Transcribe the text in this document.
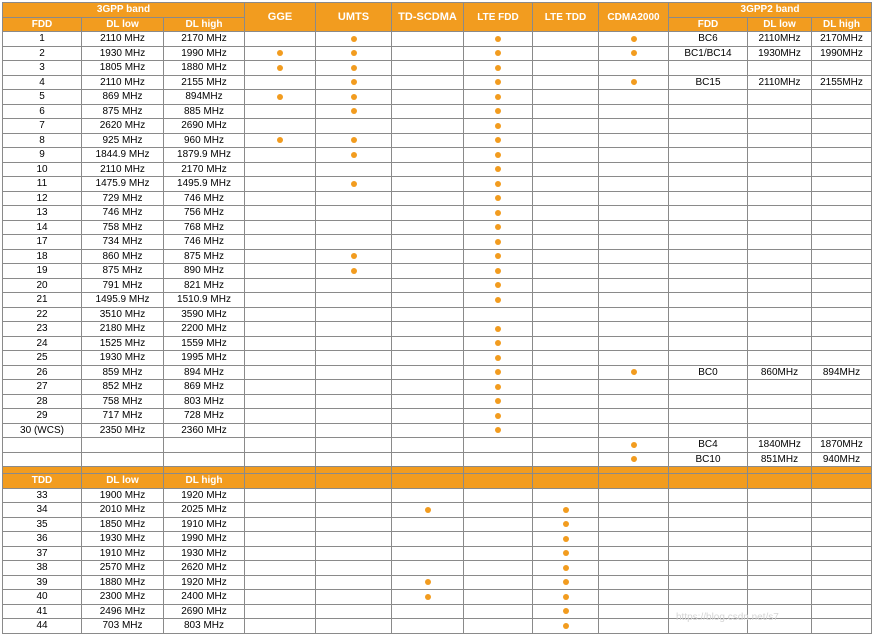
3GPP band			GGE	UMTS	TD-SCDMA	LTE FDD	LTE TDD	CDMA2000	3GPP2 band		
FDD	DL low	DL high							FDD	DL low	DL high
1	2110 MHz	2170 MHz							BC6	2110MHz	2170MHz
2	1930 MHz	1990 MHz							BC1/BC14	1930MHz	1990MHz
3	1805 MHz	1880 MHz									
4	2110 MHz	2155 MHz							BC15	2110MHz	2155MHz
5	869 MHz	894MHz									
6	875 MHz	885 MHz									
7	2620 MHz	2690 MHz									
8	925 MHz	960 MHz									
9	1844.9 MHz	1879.9 MHz									
10	2110 MHz	2170 MHz									
11	1475.9 MHz	1495.9 MHz									
12	729 MHz	746 MHz									
13	746 MHz	756 MHz									
14	758 MHz	768 MHz									
17	734 MHz	746 MHz									
18	860 MHz	875 MHz									
19	875 MHz	890 MHz									
20	791 MHz	821 MHz									
21	1495.9 MHz	1510.9 MHz									
22	3510 MHz	3590 MHz									
23	2180 MHz	2200 MHz									
24	1525 MHz	1559 MHz									
25	1930 MHz	1995 MHz									
26	859 MHz	894 MHz							BC0	860MHz	894MHz
27	852 MHz	869 MHz									
28	758 MHz	803 MHz									
29	717 MHz	728 MHz									
30 (WCS)	2350 MHz	2360 MHz									
									BC4	1840MHz	1870MHz
									BC10	851MHz	940MHz

TDD	DL low	DL high									
33	1900 MHz	1920 MHz									
34	2010 MHz	2025 MHz									
35	1850 MHz	1910 MHz									
36	1930 MHz	1990 MHz									
37	1910 MHz	1930 MHz									
38	2570 MHz	2620 MHz									
39	1880 MHz	1920 MHz									
40	2300 MHz	2400 MHz									
41	2496 MHz	2690 MHz									
44	703 MHz	803 MHz									
https://blog.csdn.net/s7
